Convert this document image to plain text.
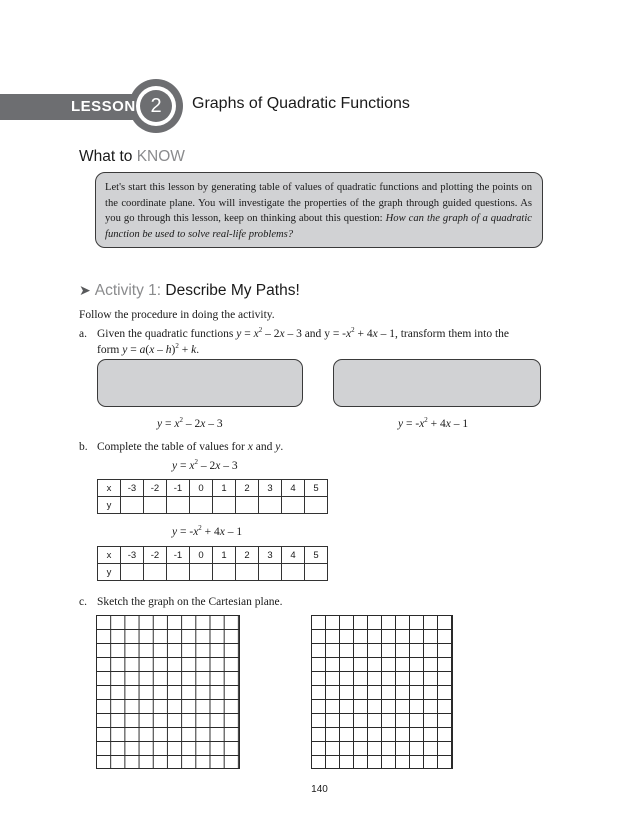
LESSON 2	Graphs of Quadratic Functions
What to KNOW
Let's start this lesson by generating table of values of quadratic functions and plotting the points on the coordinate plane. You will investigate the properties of the graph through guided questions. As you go through this lesson, keep on thinking about this question: How can the graph of a quadratic function be used to solve real-life problems?
➤ Activity 1: Describe My Paths!
Follow the procedure in doing the activity.
a. Given the quadratic functions $y = x^2 - 2x - 3$ and $y = -x^2 + 4x - 1$, transform them into the
form y = a(x – h)$^2$ + k.
$y = x^2 - 2x - 3$	$y = -x^2 + 4x - 1$
b. Complete the table of values for x and y.
$y = x^2 - 2x - 3$
x	-3	-2	-1	0	1	2	3	4	5
y									
$y = -x^2 + 4x - 1$
x	-3	-2	-1	0	1	2	3	4	5
y									
c. Sketch the graph on the Cartesian plane.
140
